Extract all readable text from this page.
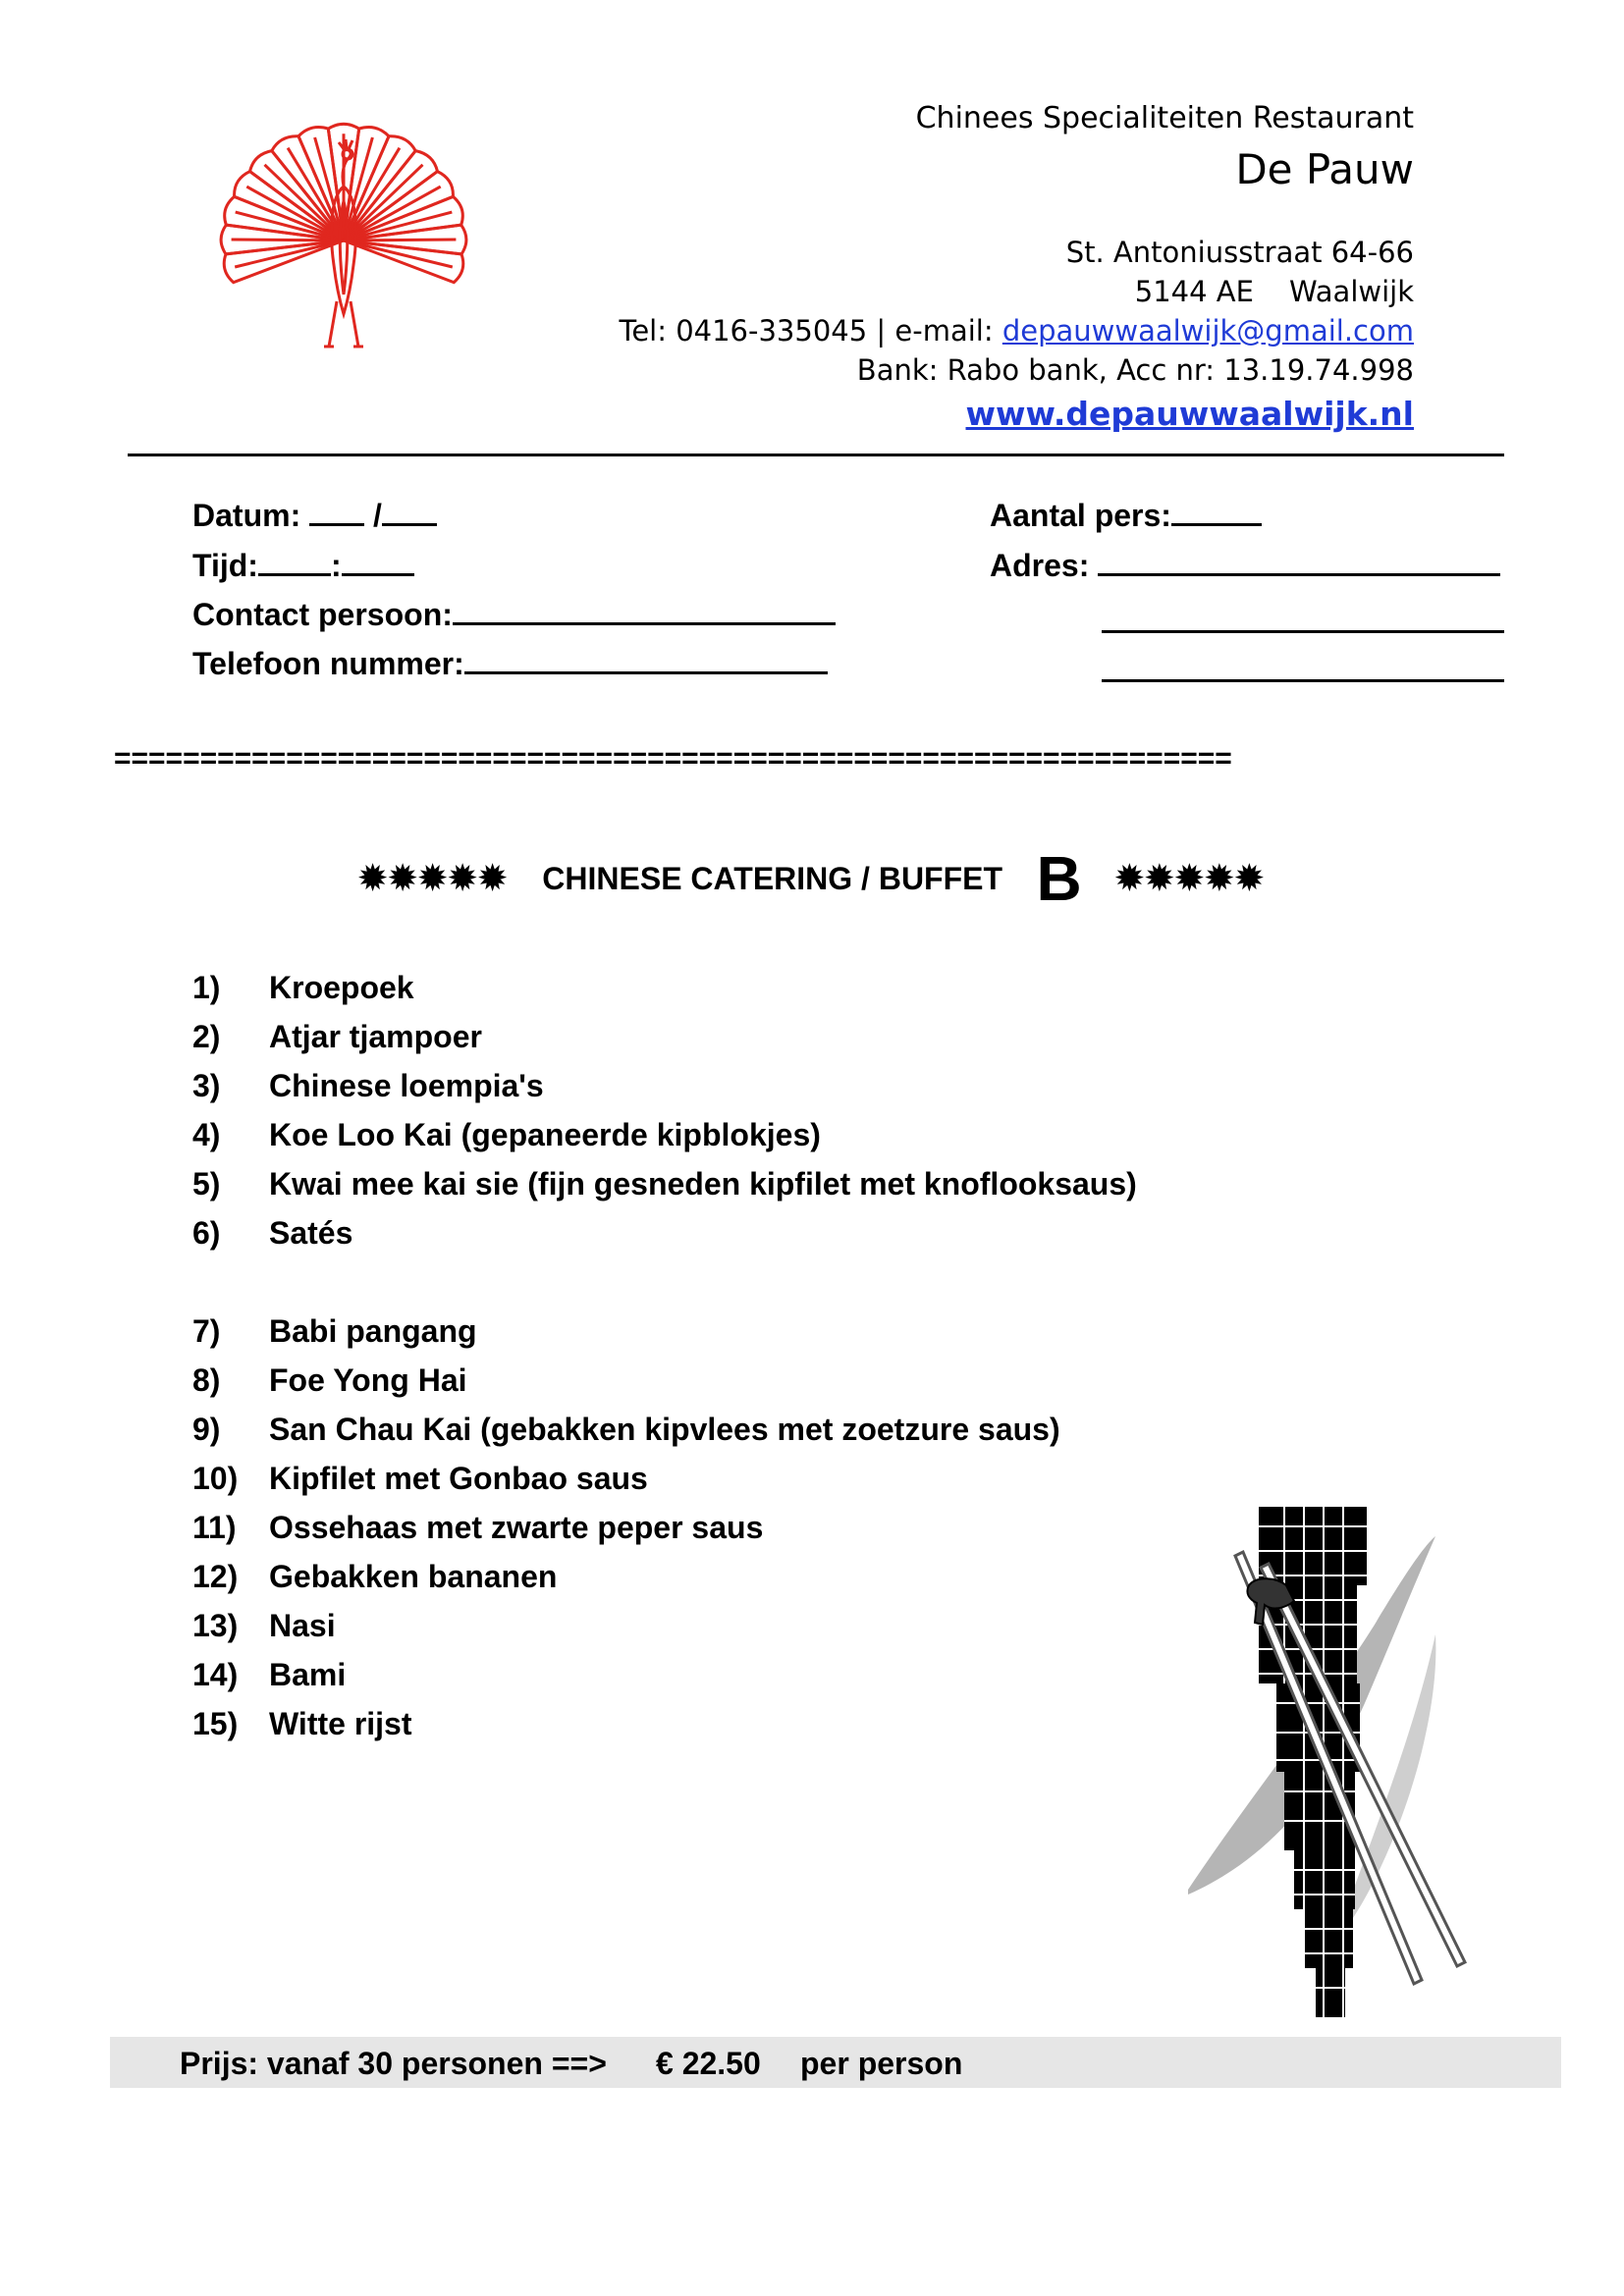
Chinees Specialiteiten Restaurant
De Pauw
St. Antoniusstraat 64-66
5144 AE Waalwijk
Tel: 0416-335045 | e-mail: depauwwaalwijk@gmail.com
Bank: Rabo bank, Acc nr: 13.19.74.998
www.depauwwaalwijk.nl
Datum: /
Tijd: :
Contact persoon:
Telefoon nummer:
Aantal pers:
Adres:
=================================================================
✹✹✹✹✹ CHINESE CATERING / BUFFET B ✹✹✹✹✹
1) Kroepoek
2) Atjar tjampoer
3) Chinese loempia's
4) Koe Loo Kai (gepaneerde kipblokjes)
5) Kwai mee kai sie (fijn gesneden kipfilet met knoflooksaus)
6) Satés
7) Babi pangang
8) Foe Yong Hai
9) San Chau Kai (gebakken kipvlees met zoetzure saus)
10) Kipfilet met Gonbao saus
11) Ossehaas met zwarte peper saus
12) Gebakken bananen
13) Nasi
14) Bami
15) Witte rijst
Prijs: vanaf 30 personen ==> € 22.50 per person
